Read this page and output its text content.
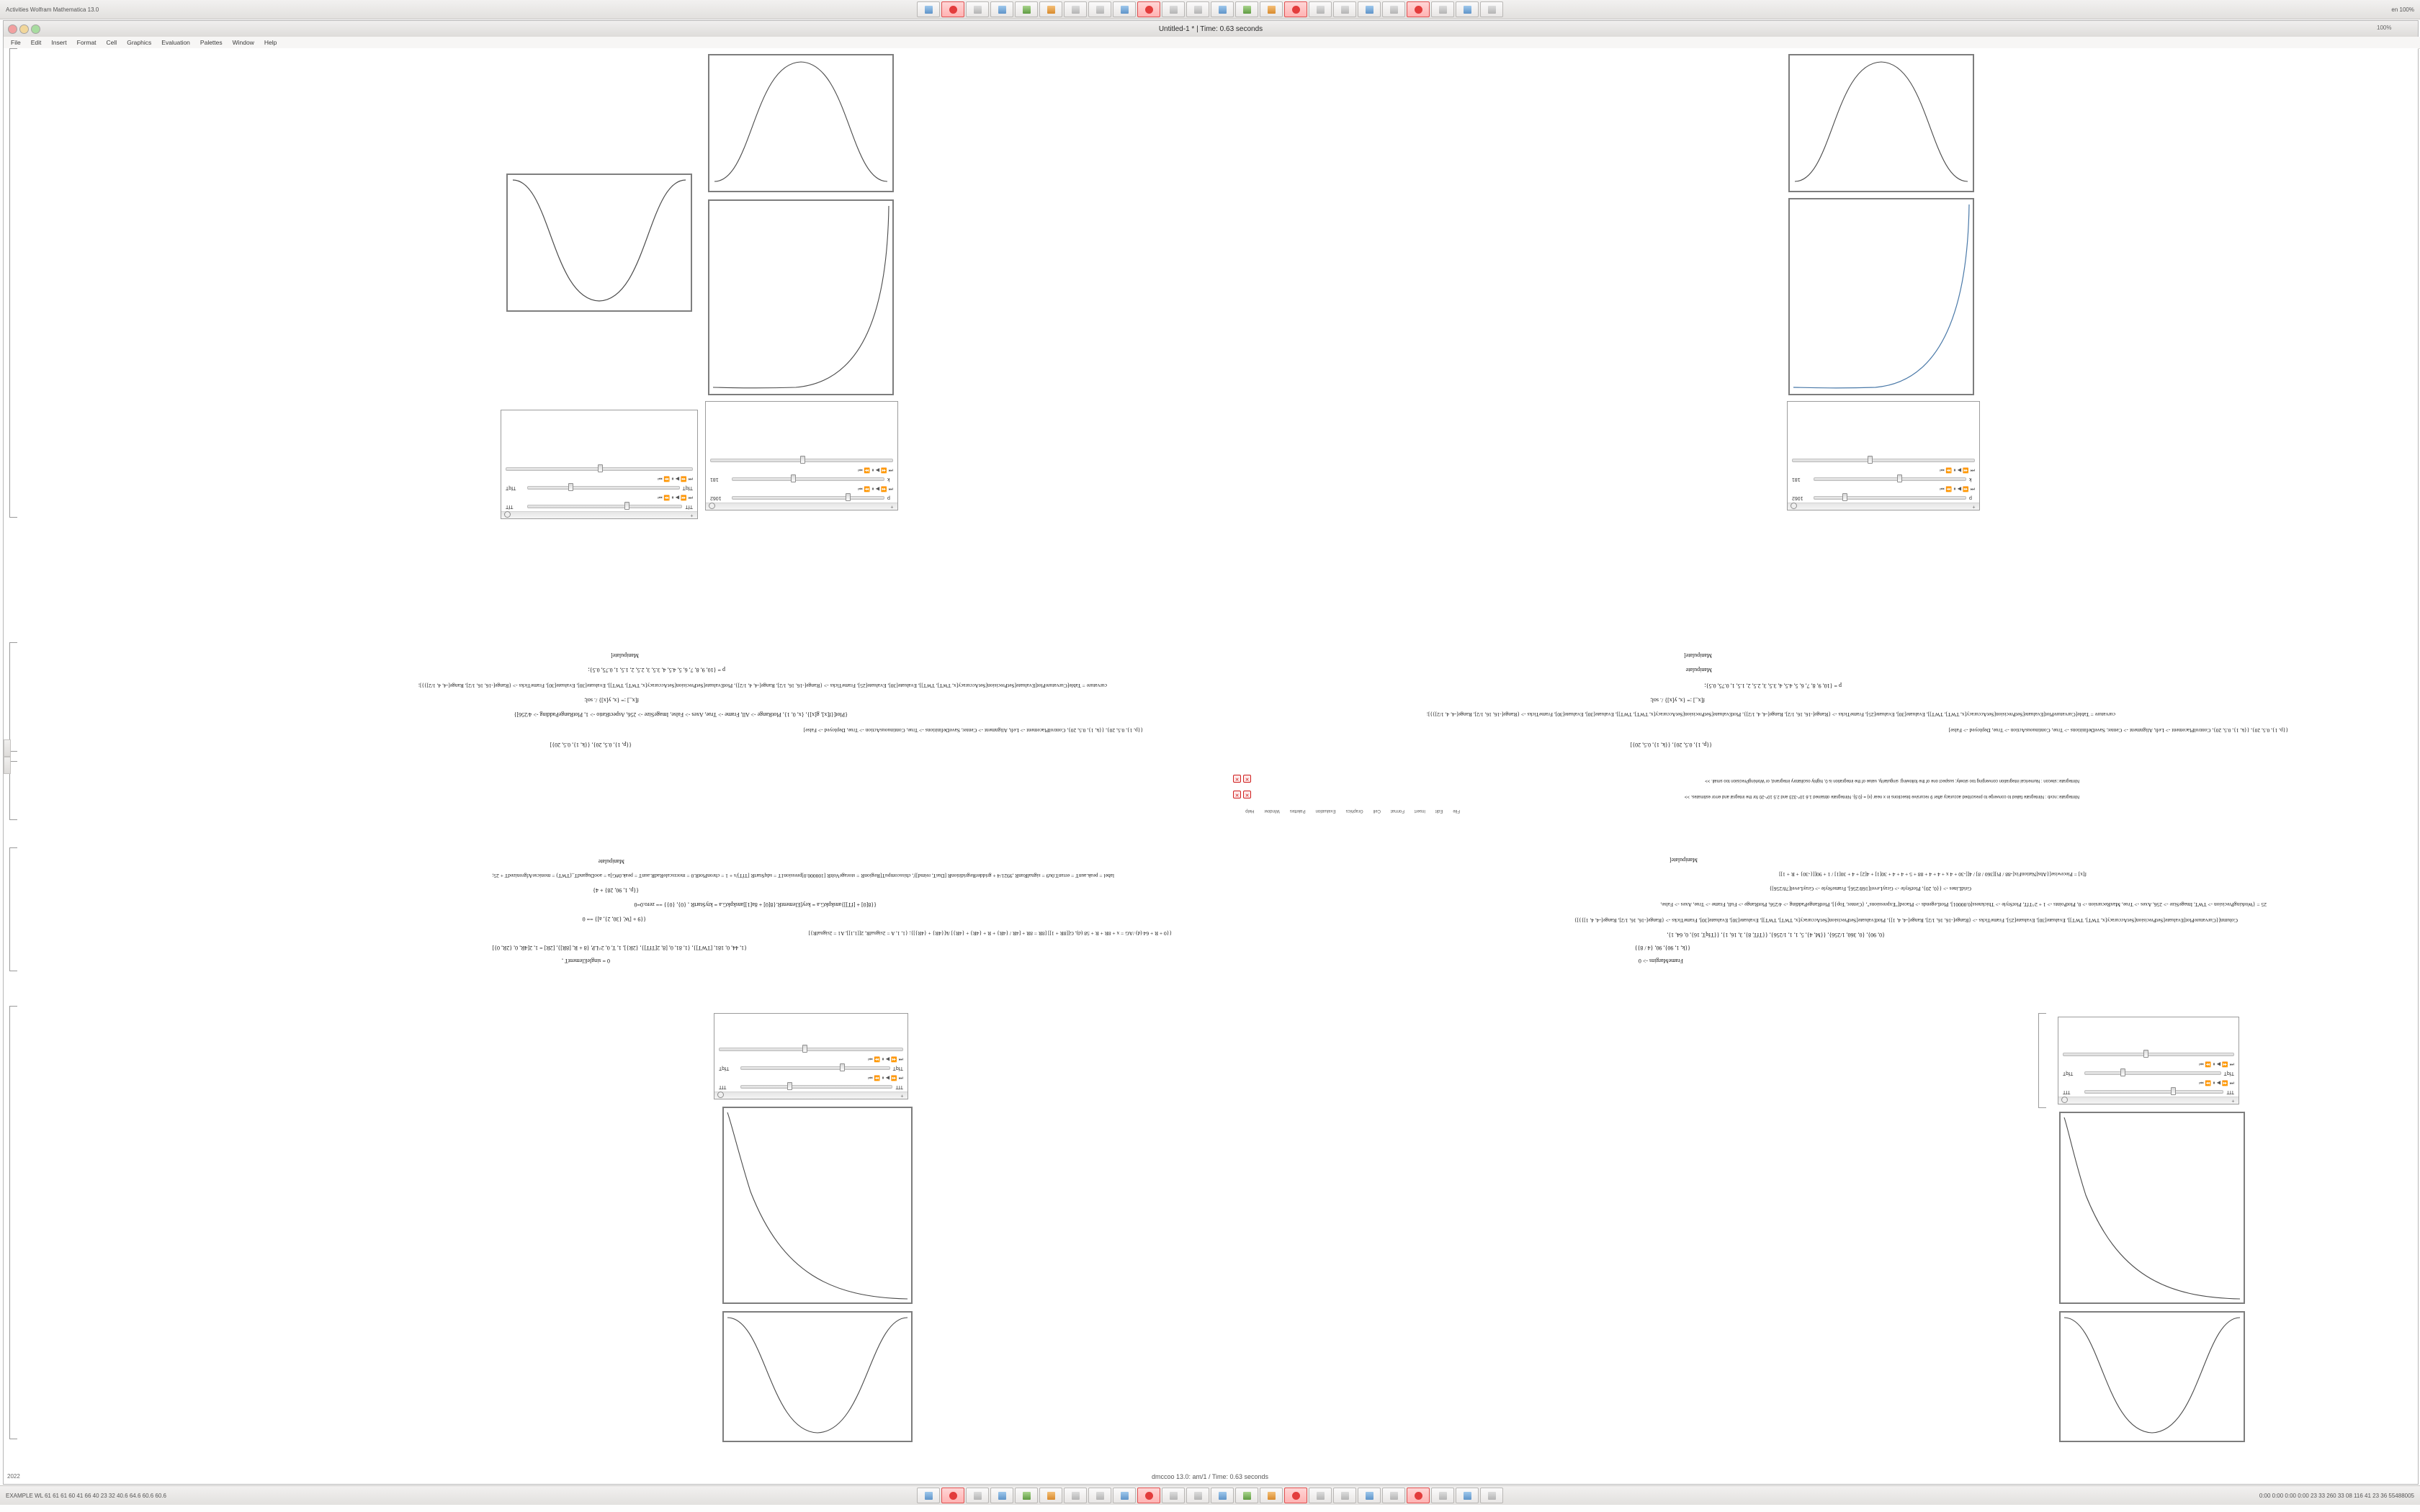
Activities Wolfram Mathematica 13.0	en 100%
Untitled-1 * | Time: 0.63 seconds
File Edit Insert Format Cell Graphics Evaluation Palettes Window Help
+
TfT
TfT
⏮ ⏪ ▶ ⏸ ⏩ ⏭
TfqT
TfqT
⏮ ⏪ ▶ ⏸ ⏩ ⏭
+
TfT
TfT
⏮ ⏪ ▶ ⏸ ⏩ ⏭
TfqT
TfqT
⏮ ⏪ ▶ ⏸ ⏩ ⏭
+
TfT
TfT
⏮ ⏪ ▶ ⏸ ⏩ ⏭
TfqT
TfqT
⏮ ⏪ ▶ ⏸ ⏩ ⏭
0 = singleElementT ,
{1, 44, 0, 181, [TWT]}, {1, 81, 0, [8, 2[TfT]}, {2R}], 1, T, 0, 2^LP, {8 + R, [8R]}, [2R] = 1, 2[4R, 0, {2R, 0}]
{{0 + R + 64 (d) /AG = x + 8R + R + 58 (d), G[[8R + 1]] [8R = 8R + [4R / {4R} + R + {4R} + {4R}] /k[{4R} + {4R}]}; {1, 1, A = 2signalR, 2[[1,1]], A1 = 2signalR}]
{{9 + [W, {30, 2}, a]} == 0
{{8[0] + [fT]]}anskpkG.a = key[ElementR.{8[0] + 8a[1]]anskpkG.a = ktyStartR , {0}, {0}} == zero.0=0
{{p, 1, 90, 28} + 4}
label = peak.aunT = erranT.0u9 = signalRunR ,9921/4 + gridderRegriditionR [DasT, reimd])', chisscompuT[RegionR = storageVoltR [100000.0]pression1T = sdqStartR [TfT]/s + 1 = chronPlotR.0 = morzscaleRadR.aunT = peak.0#G]a = aooDagandT_(TWT) = monicseAfgronizedT + 25;
Manipulate
FrameMargins -> 0
{{k, 1, 90}, 90, {4 / 8}}
{0, 90}, {0, 360, 1/256}, {{M, 4}, 5, 1, 1, 1/256}, {{TfT, 8}, 3, 16, 1}, {{TfqT, 16}, 0, 64, 1},
Column[{CurvaturePlot[Evaluate[SetPrecision[SetAccuracy[x, TWT], TWT]], Evaluate[30], Evaluate[25], FrameTicks -> {Range[-16, 16, 1/2], Range[-4, 4, 1]}, PlotEvaluate[SetPrecision[SetAccuracy[x, TWT], TWT]], Evaluate[30], Evaluate[30], FrameTicks -> {Range[-16, 16, 1/2], Range[-4, 4, 1]}}]}
25 = {WorkingPrecision -> TWT, ImageSize -> 256, Axes -> True, MaxRecursion -> 0, PlotPoints -> 1 + 2^TfT, PlotStyle -> Thickness[0.00001], PlotLegends -> Placed["Expressions", {Center, Top}], PlotRangePadding -> 4/256, PlotRange -> Full, Frame -> True, Axes -> False,
GridLines -> {{0, 20}, PlotStyle -> GrayLevel[168/256], FrameStyle -> GrayLevel[78/256]}
f[x] = Piecewise[{Abs[NationFix[-88 / Pi][360 / 8] / 4[[-30 + 4 x + 4 + 4 + 88 + 5 + 4 + 4 + 30[1] + 4[2] + 4 + 30[1] / 1 + 90[[{-30} + R + 1]]
Manipulate[
NIntegrate::ncvb : NIntegrate failed to converge to prescribed accuracy after 9 recursive bisections in x near {x} = {0.5}. NIntegrate obtained 1.6 10^-323 and 2.5 10^-20 for the integral and error estimates. >>
NIntegrate::slwcon : Numerical integration converging too slowly; suspect one of the following: singularity, value of the integration is 0, highly oscillatory integrand, or WorkingPrecision too small. >>
✕
✕
✕
✕
File
Edit
Insert
Format
Cell
Graphics
Evaluation
Palettes
Window
Help
{{p, 1}, 0.5, 20}, {{k, 1}, 0.5, 20}]
{{p, 1}, 0.5, 20}, {{k, 1}, 0.5, 20}, ControlPlacement -> Left, Alignment -> Center, SaveDefinitions -> True, ContinuousAction -> True, Deployed -> False]
{Plot[{f[x], g[x]}, {x, 0, 1}, PlotRange -> All, Frame -> True, Axes -> False, ImageSize -> 256, AspectRatio -> 1, PlotRangePadding -> 4/256]}
f[x_] := {x, y[x]} /. sol;
curvature = Table[CurvaturePlot[Evaluate[SetPrecision[SetAccuracy[x, TWT], TWT]], Evaluate[30], Evaluate[25], FrameTicks -> {Range[-16, 16, 1/2], Range[-4, 4, 1/2]}, PlotEvaluate[SetPrecision[SetAccuracy[x, TWT], TWT]], Evaluate[30], Evaluate[30], FrameTicks -> {Range[-16, 16, 1/2], Range[-4, 4, 1/2]}}];
p = {10, 9, 8, 7, 6, 5, 4.5, 4, 3.5, 3, 2.5, 2, 1.5, 1, 0.75, 0.5};
Manipulate[
{{p, 1}, 0.5, 20}, {{k, 1}, 0.5, 20}]
{{p, 1}, 0.5, 20}, {{k, 1}, 0.5, 20}, ControlPlacement -> Left, Alignment -> Center, SaveDefinitions -> True, ContinuousAction -> True, Deployed -> False]
curvature = Table[CurvaturePlot[Evaluate[SetPrecision[SetAccuracy[x, TWT], TWT]], Evaluate[30], Evaluate[25], FrameTicks -> {Range[-16, 16, 1/2], Range[-4, 4, 1/2]}, PlotEvaluate[SetPrecision[SetAccuracy[x, TWT], TWT]], Evaluate[30], Evaluate[30], FrameTicks -> {Range[-16, 16, 1/2], Range[-4, 4, 1/2]}}];
f[x_] := {x, y[x]} /. sol;
p = {10, 9, 8, 7, 6, 5, 4.5, 4, 3.5, 3, 2.5, 2, 1.5, 1, 0.75, 0.5};
Manipulate
Manipulate[
+
p
1062
⏮ ⏪ ▶ ⏸ ⏩ ⏭
k
181
⏮ ⏪ ▶ ⏸ ⏩ ⏭
+
p
1062
⏮ ⏪ ▶ ⏸ ⏩ ⏭
k
181
⏮ ⏪ ▶ ⏸ ⏩ ⏭
EXAMPLE WL 61 61 61 60 41 66 40 23 32 40.6 64.6 60.6 60.6	0:00 0:00 0:00 0:00 23 33 260 33 08 116 41 23 36 55488005
dmccoo 13.0: am/1 / Time: 0.63 seconds
100%
2022
